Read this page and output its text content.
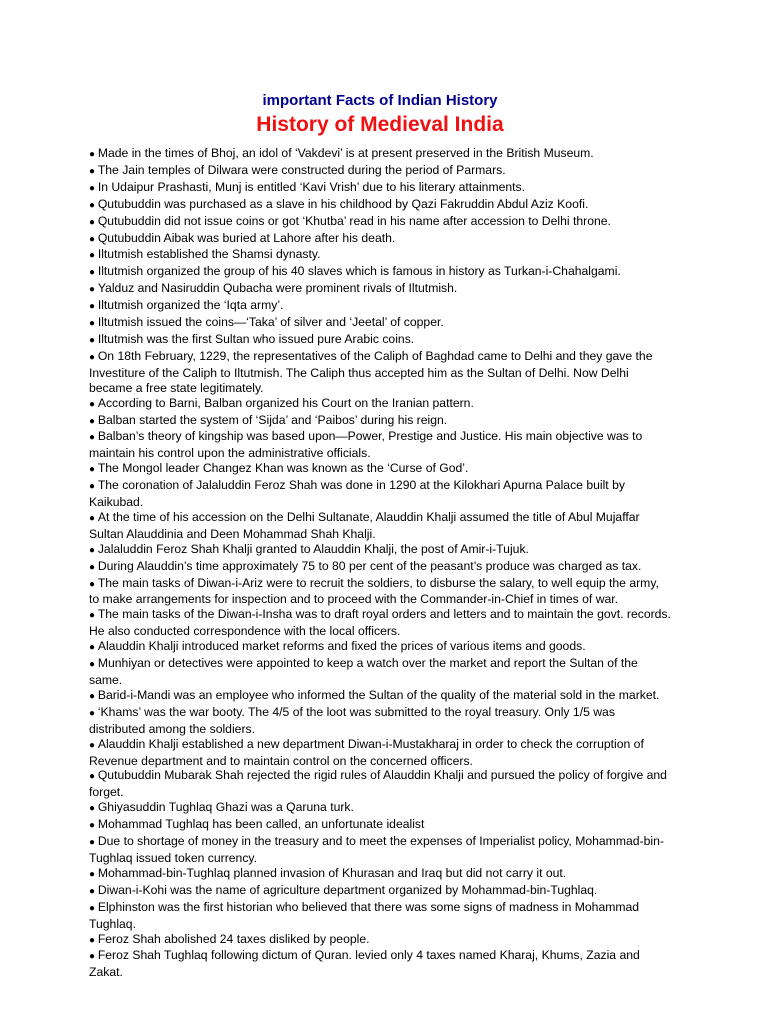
important Facts of Indian History
History of Medieval India
● Made in the times of Bhoj, an idol of ‘Vakdevi’ is at present preserved in the British Museum.
● The Jain temples of Dilwara were constructed during the period of Parmars.
● In Udaipur Prashasti, Munj is entitled ‘Kavi Vrish’ due to his literary attainments.
● Qutubuddin was purchased as a slave in his childhood by Qazi Fakruddin Abdul Aziz Koofi.
● Qutubuddin did not issue coins or got ‘Khutba’ read in his name after accession to Delhi throne.
● Qutubuddin Aibak was buried at Lahore after his death.
● Iltutmish established the Shamsi dynasty.
● Iltutmish organized the group of his 40 slaves which is famous in history as Turkan-i-Chahalgami.
● Yalduz and Nasiruddin Qubacha were prominent rivals of Iltutmish.
● Iltutmish organized the ‘Iqta army’.
● Iltutmish issued the coins—‘Taka’ of silver and ‘Jeetal’ of copper.
● Iltutmish was the first Sultan who issued pure Arabic coins.
● On 18th February, 1229, the representatives of the Caliph of Baghdad came to Delhi and they gave the Investiture of the Caliph to Iltutmish. The Caliph thus accepted him as the Sultan of Delhi. Now Delhi became a free state legitimately.
● According to Barni, Balban organized his Court on the Iranian pattern.
● Balban started the system of ‘Sijda’ and ‘Paibos’ during his reign.
● Balban’s theory of kingship was based upon—Power, Prestige and Justice. His main objective was to maintain his control upon the administrative officials.
● The Mongol leader Changez Khan was known as the ‘Curse of God’.
● The coronation of Jalaluddin Feroz Shah was done in 1290 at the Kilokhari Apurna Palace built by Kaikubad.
● At the time of his accession on the Delhi Sultanate, Alauddin Khalji assumed the title of Abul Mujaffar Sultan Alauddinia and Deen Mohammad Shah Khalji.
● Jalaluddin Feroz Shah Khalji granted to Alauddin Khalji, the post of Amir-i-Tujuk.
● During Alauddin’s time approximately 75 to 80 per cent of the peasant’s produce was charged as tax.
● The main tasks of Diwan-i-Ariz were to recruit the soldiers, to disburse the salary, to well equip the army, to make arrangements for inspection and to proceed with the Commander-in-Chief in times of war.
● The main tasks of the Diwan-i-Insha was to draft royal orders and letters and to maintain the govt. records. He also conducted correspondence with the local officers.
● Alauddin Khalji introduced market reforms and fixed the prices of various items and goods.
● Munhiyan or detectives were appointed to keep a watch over the market and report the Sultan of the same.
● Barid-i-Mandi was an employee who informed the Sultan of the quality of the material sold in the market.
● ‘Khams’ was the war booty. The 4/5 of the loot was submitted to the royal treasury. Only 1/5 was distributed among the soldiers.
● Alauddin Khalji established a new department Diwan-i-Mustakharaj in order to check the corruption of Revenue department and to maintain control on the concerned officers.
● Qutubuddin Mubarak Shah rejected the rigid rules of Alauddin Khalji and pursued the policy of forgive and forget.
● Ghiyasuddin Tughlaq Ghazi was a Qaruna turk.
● Mohammad Tughlaq has been called, an unfortunate idealist
● Due to shortage of money in the treasury and to meet the expenses of Imperialist policy, Mohammad-bin-Tughlaq issued token currency.
● Mohammad-bin-Tughlaq planned invasion of Khurasan and Iraq but did not carry it out.
● Diwan-i-Kohi was the name of agriculture department organized by Mohammad-bin-Tughlaq.
● Elphinston was the first historian who believed that there was some signs of madness in Mohammad Tughlaq.
● Feroz Shah abolished 24 taxes disliked by people.
● Feroz Shah Tughlaq following dictum of Quran. levied only 4 taxes named Kharaj, Khums, Zazia and Zakat.
